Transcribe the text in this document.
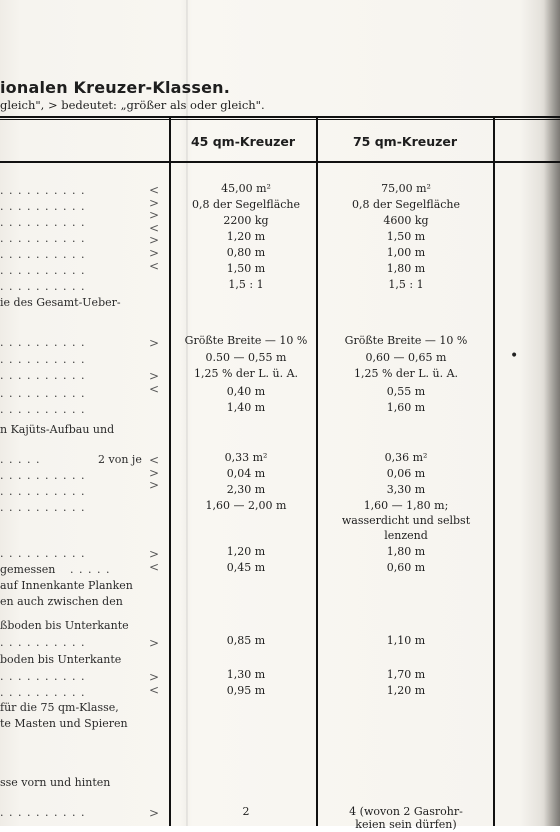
ionalen Kreuzer-Klassen.
gleich", > bedeutet: „größer als oder gleich".
45 qm-Kreuzer	75 qm-Kreuzer
. . . . . . . . . .
. . . . . . . . . .
. . . . . . . . . .
. . . . . . . . . .
. . . . . . . . . .
. . . . . . . . . .
. . . . . . . . . .
ie des Gesamt-Ueber-
. . . . . . . . . .
. . . . . . . . . .
. . . . . . . . . .
. . . . . . . . . .
. . . . . . . . . .
n Kajüts-Aufbau und
. . . . .	2 von je
. . . . . . . . . .
. . . . . . . . . .
. . . . . . . . . .
. . . . . . . . . .
gemessen . . . . .
auf Innenkante Planken
en auch zwischen den
ßboden bis Unterkante
. . . . . . . . . .
boden bis Unterkante
. . . . . . . . . .
. . . . . . . . . .
für die 75 qm-Klasse,
te Masten und Spieren
sse vorn und hinten
. . . . . . . . . .
<
>
>
<
>
>
<
>
>
<
<
>
>
>
<
>
>
<
>
45,00 m²
0,8 der Segelfläche
2200 kg
1,20 m
0,80 m
1,50 m
1,5 : 1
Größte Breite — 10 %
0.50 — 0,55 m
1,25 % der L. ü. A.
0,40 m
1,40 m
0,33 m²
0,04 m
2,30 m
1,60 — 2,00 m
1,20 m
0,45 m
0,85 m
1,30 m
0,95 m
2
75,00 m²
0,8 der Segelfläche
4600 kg
1,50 m
1,00 m
1,80 m
1,5 : 1
Größte Breite — 10 %
0,60 — 0,65 m
1,25 % der L. ü. A.
0,55 m
1,60 m
0,36 m²
0,06 m
3,30 m
1,60 — 1,80 m;
wasserdicht und selbst
lenzend
1,80 m
0,60 m
1,10 m
1,70 m
1,20 m
4 (wovon 2 Gasrohr-
keien sein dürfen)
•
